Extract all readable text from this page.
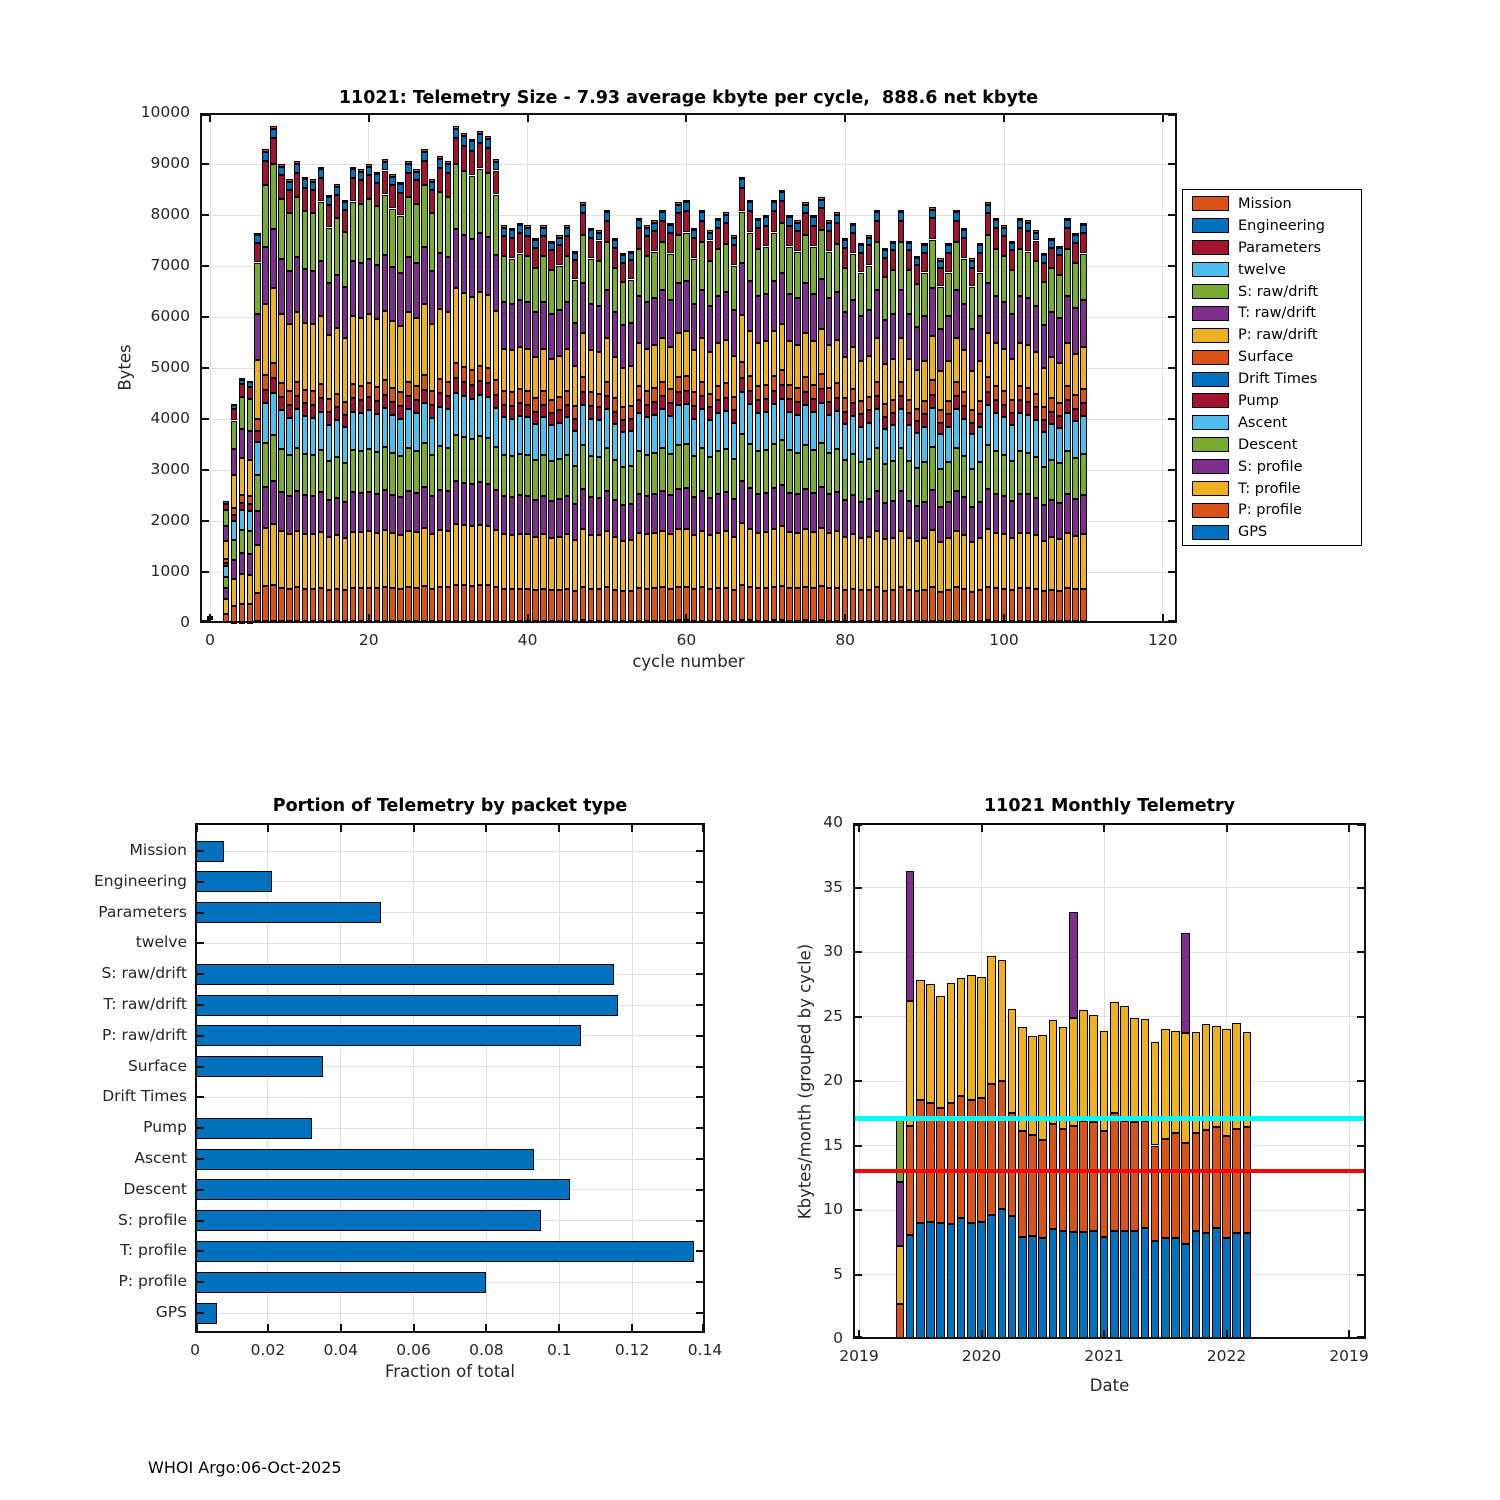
11021: Telemetry Size - 7.93 average kbyte per cycle,  888.6 net kbyte
Bytes
0
1000
2000
3000
4000
5000
6000
7000
8000
9000
10000
0	20	40	60	80	100	120
cycle number
Mission
Engineering
Parameters
twelve
S: raw/drift
T: raw/drift
P: raw/drift
Surface
Drift Times
Pump
Ascent
Descent
S: profile
T: profile
P: profile
GPS
Portion of Telemetry by packet type
0	0.02	0.04	0.06	0.08	0.1	0.12	0.14
Mission
Engineering
Parameters
twelve
S: raw/drift
T: raw/drift
P: raw/drift
Surface
Drift Times
Pump
Ascent
Descent
S: profile
T: profile
P: profile
GPS
Fraction of total
11021 Monthly Telemetry
Kbytes/month (grouped by cycle)
0
5
10
15
20
25
30
35
40
2019	2020	2021	2022	2019
Date
WHOI Argo:06-Oct-2025
